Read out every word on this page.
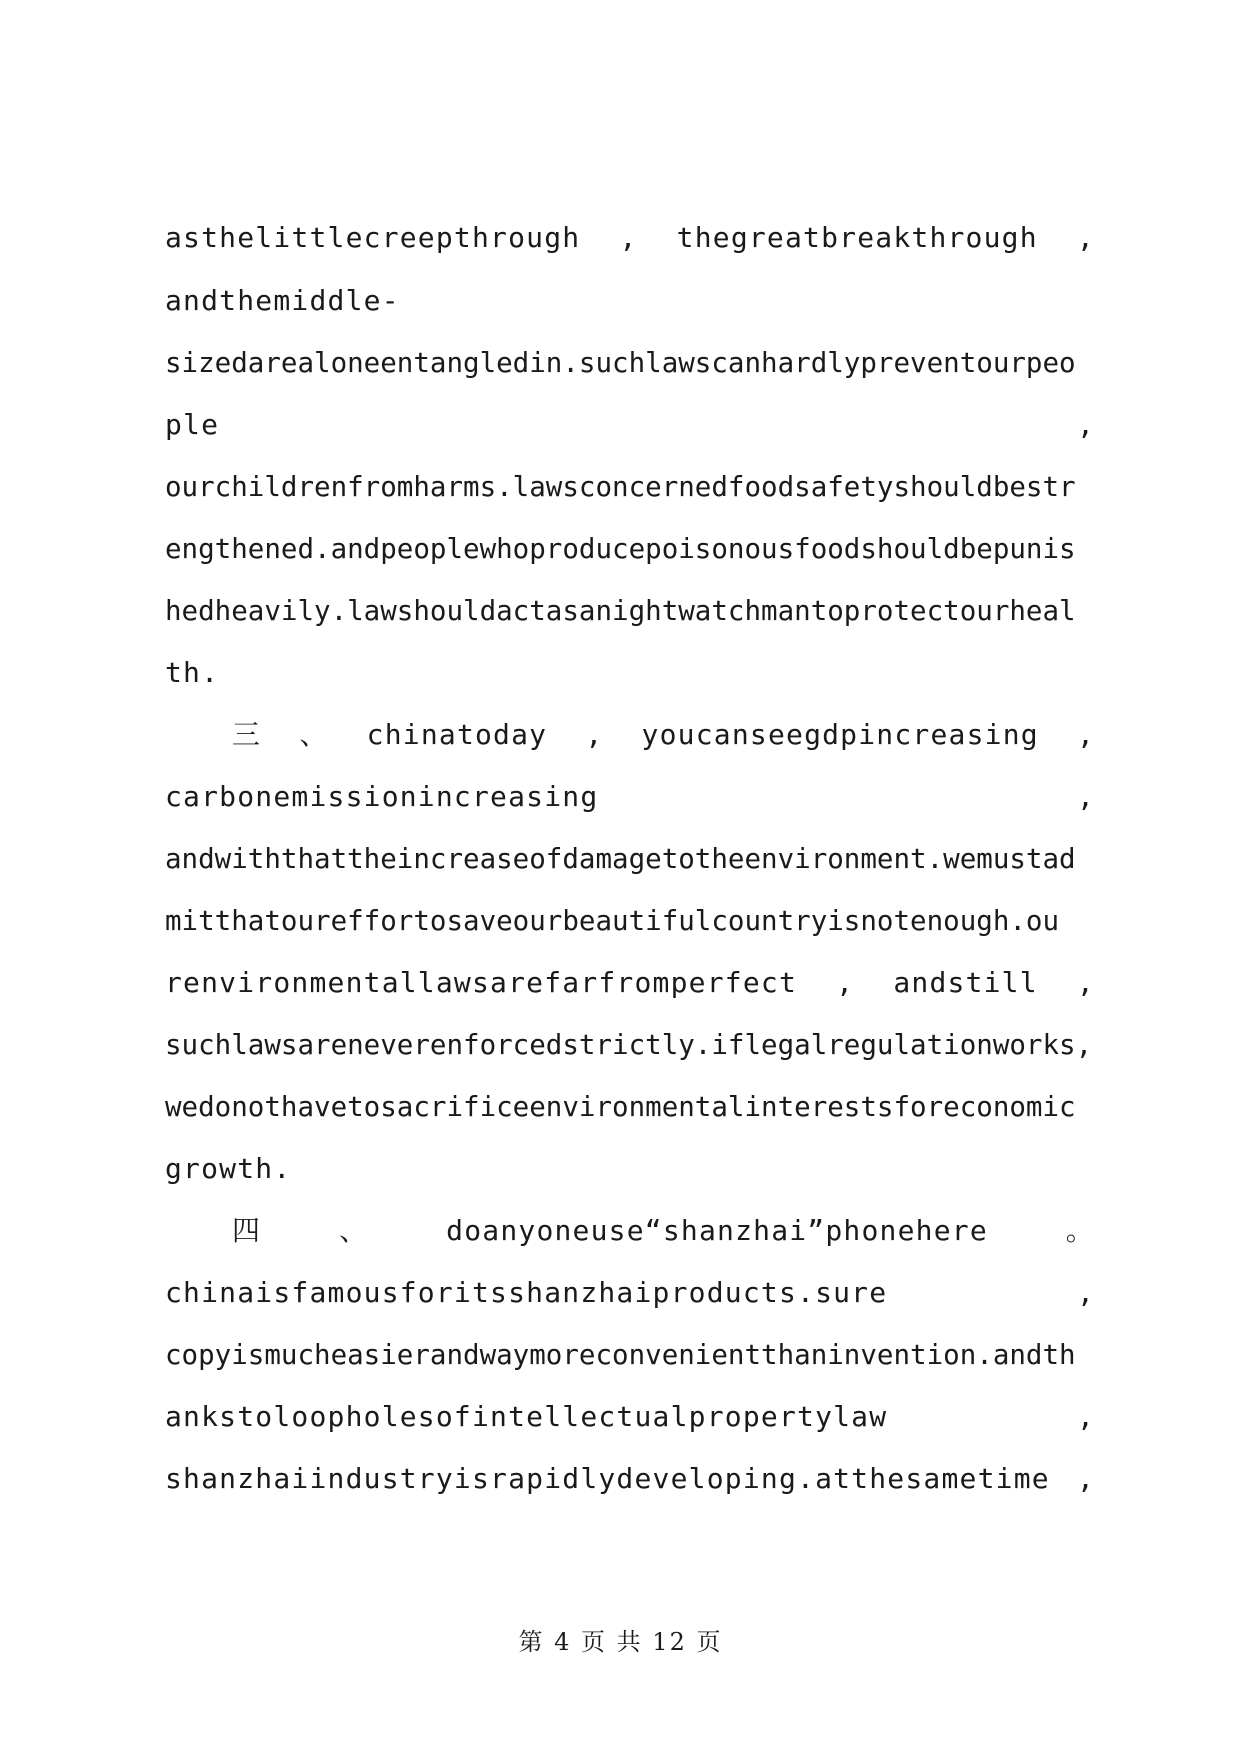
asthelittlecreepthrough , thegreatbreakthrough ,
andthemiddle-
sizedarealoneentangledin.suchlawscanhardlypreventourpeo
ple	,
ourchildrenfromharms.lawsconcernedfoodsafetyshouldbestr
engthened.andpeoplewhoproducepoisonousfoodshouldbepunis
hedheavily.lawshouldactasanightwatchmantoprotectourheal
th.
三 、 chinatoday , youcanseegdpincreasing ,
carbonemissionincreasing	,
andwiththattheincreaseofdamagetotheenvironment.wemustad
mitthatoureffortosaveourbeautifulcountryisnotenough.ou
renvironmentallawsarefarfromperfect , andstill ,
suchlawsareneverenforcedstrictly.iflegalregulationworks,
wedonothavetosacrificeenvironmentalinterestsforeconomic
growth.
四	、	doanyoneuse“shanzhai”phonehere	。
chinaisfamousforitsshanzhaiproducts.sure	,
copyismucheasierandwaymoreconvenientthaninvention.andth
ankstoloopholesofintellectualpropertylaw	,
shanzhaiindustryisrapidlydeveloping.atthesametime ,
第 4 页 共 12 页
